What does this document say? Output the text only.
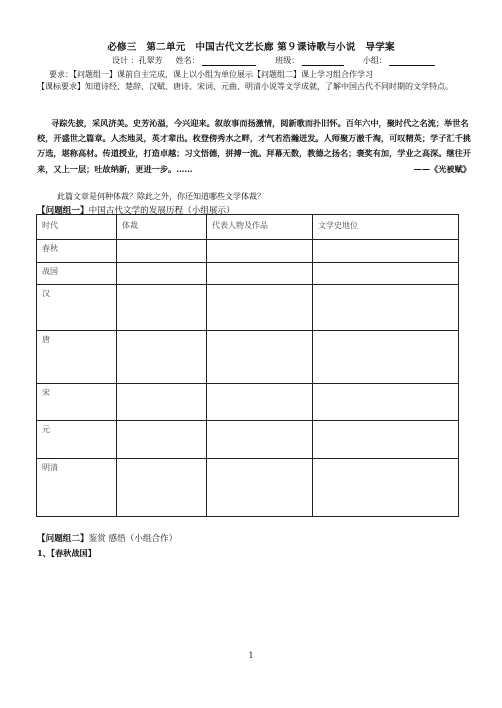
必修三　第二单元　中国古代文艺长廊 第９课诗歌与小说　导学案
设计 ：孔翠芳 姓名：	班级：	小组：
要求：【问题组一】课前自主完成，课上以小组为单位展示【问题组二】课上学习组合作学习
【课标要求】知道诗经、楚辞、汉赋、唐诗、宋词、元曲、明清小说等文学成就，了解中国古代不同时期的文学特点。
寻踪先披，采风济美。史芳沁溢，今兴迎来。叙故事而扬激情，阅新歌而扑旧怀。百年六中，聚时代之名流；举世名校，开盛世之篇章。人杰地灵，英才辈出。枚登傍秀水之畔，才气若浩瀚迸发。人师聚万澈千淘，可叹精英；学子汇千挑万选，堪称高材。传道授业，打造卓越；习文悟德，拼搏一流。拜幕无数，教德之扬名；褒奖有加，学业之高深。继往开来，又上一层；吐故纳新，更进一步。……	——《光被赋》
此篇文章是何种体裁？除此之外，你还知道哪些文学体裁？
【问题组一】中国古代文学的发展历程（小组展示）
时代	体裁	代表人物及作品	文学史地位
春秋			
战国			
汉			
唐			
宋			
元			
明清			
【问题组二】鉴赏 感悟（小组合作）
1、【春秋战国】
1
